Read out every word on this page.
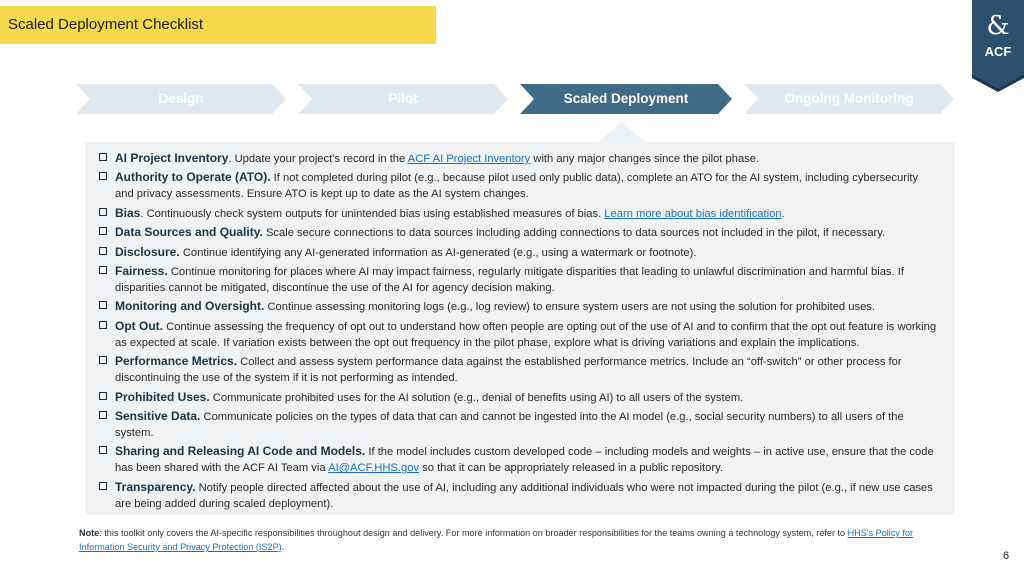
Scaled Deployment Checklist	&
ACF
Design	Pilot	Scaled Deployment	Ongoing Monitoring
AI Project Inventory. Update your project's record in the ACF AI Project Inventory with any major changes since the pilot phase.
Authority to Operate (ATO). If not completed during pilot (e.g., because pilot used only public data), complete an ATO for the AI system, including cybersecurity and privacy assessments. Ensure ATO is kept up to date as the AI system changes.
Bias. Continuously check system outputs for unintended bias using established measures of bias. Learn more about bias identification.
Data Sources and Quality. Scale secure connections to data sources including adding connections to data sources not included in the pilot, if necessary.
Disclosure. Continue identifying any AI-generated information as AI-generated (e.g., using a watermark or footnote).
Fairness. Continue monitoring for places where AI may impact fairness, regularly mitigate disparities that leading to unlawful discrimination and harmful bias. If disparities cannot be mitigated, discontinue the use of the AI for agency decision making.
Monitoring and Oversight. Continue assessing monitoring logs (e.g., log review) to ensure system users are not using the solution for prohibited uses.
Opt Out. Continue assessing the frequency of opt out to understand how often people are opting out of the use of AI and to confirm that the opt out feature is working as expected at scale. If variation exists between the opt out frequency in the pilot phase, explore what is driving variations and explain the implications.
Performance Metrics. Collect and assess system performance data against the established performance metrics. Include an “off-switch” or other process for discontinuing the use of the system if it is not performing as intended.
Prohibited Uses. Communicate prohibited uses for the AI solution (e.g., denial of benefits using AI) to all users of the system.
Sensitive Data. Communicate policies on the types of data that can and cannot be ingested into the AI model (e.g., social security numbers) to all users of the system.
Sharing and Releasing AI Code and Models. If the model includes custom developed code – including models and weights – in active use, ensure that the code has been shared with the ACF AI Team via AI@ACF.HHS.gov so that it can be appropriately released in a public repository.
Transparency. Notify people directed affected about the use of AI, including any additional individuals who were not impacted during the pilot (e.g., if new use cases are being added during scaled deployment).
Note: this toolkit only covers the AI-specific responsibilities throughout design and delivery. For more information on broader responsibilities for the teams owning a technology system, refer to HHS's Policy for Information Security and Privacy Protection (IS2P).
6
